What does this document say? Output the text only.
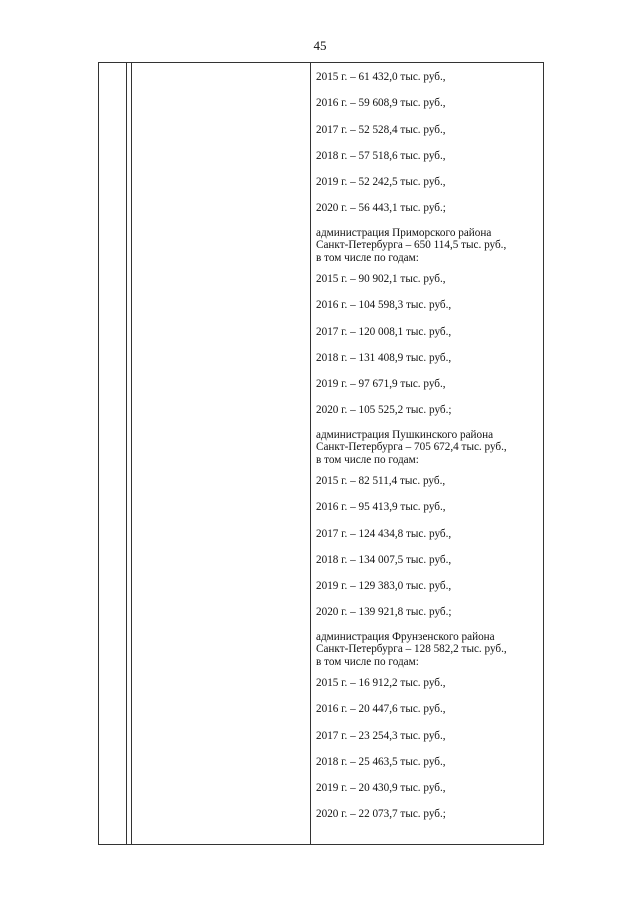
45
2015 г. – 61 432,0 тыс. руб.,
2016 г. – 59 608,9 тыс. руб.,
2017 г. – 52 528,4 тыс. руб.,
2018 г. – 57 518,6 тыс. руб.,
2019 г. – 52 242,5 тыс. руб.,
2020 г. – 56 443,1 тыс. руб.;
администрация Приморского района
Санкт-Петербурга – 650 114,5 тыс. руб.,
в том числе по годам:
2015 г. – 90 902,1 тыс. руб.,
2016 г. – 104 598,3 тыс. руб.,
2017 г. – 120 008,1 тыс. руб.,
2018 г. – 131 408,9 тыс. руб.,
2019 г. – 97 671,9 тыс. руб.,
2020 г. – 105 525,2 тыс. руб.;
администрация Пушкинского района
Санкт-Петербурга – 705 672,4 тыс. руб.,
в том числе по годам:
2015 г. – 82 511,4 тыс. руб.,
2016 г. – 95 413,9 тыс. руб.,
2017 г. – 124 434,8 тыс. руб.,
2018 г. – 134 007,5 тыс. руб.,
2019 г. – 129 383,0 тыс. руб.,
2020 г. – 139 921,8 тыс. руб.;
администрация Фрунзенского района
Санкт-Петербурга – 128 582,2 тыс. руб.,
в том числе по годам:
2015 г. – 16 912,2 тыс. руб.,
2016 г. – 20 447,6 тыс. руб.,
2017 г. – 23 254,3 тыс. руб.,
2018 г. – 25 463,5 тыс. руб.,
2019 г. – 20 430,9 тыс. руб.,
2020 г. – 22 073,7 тыс. руб.;
